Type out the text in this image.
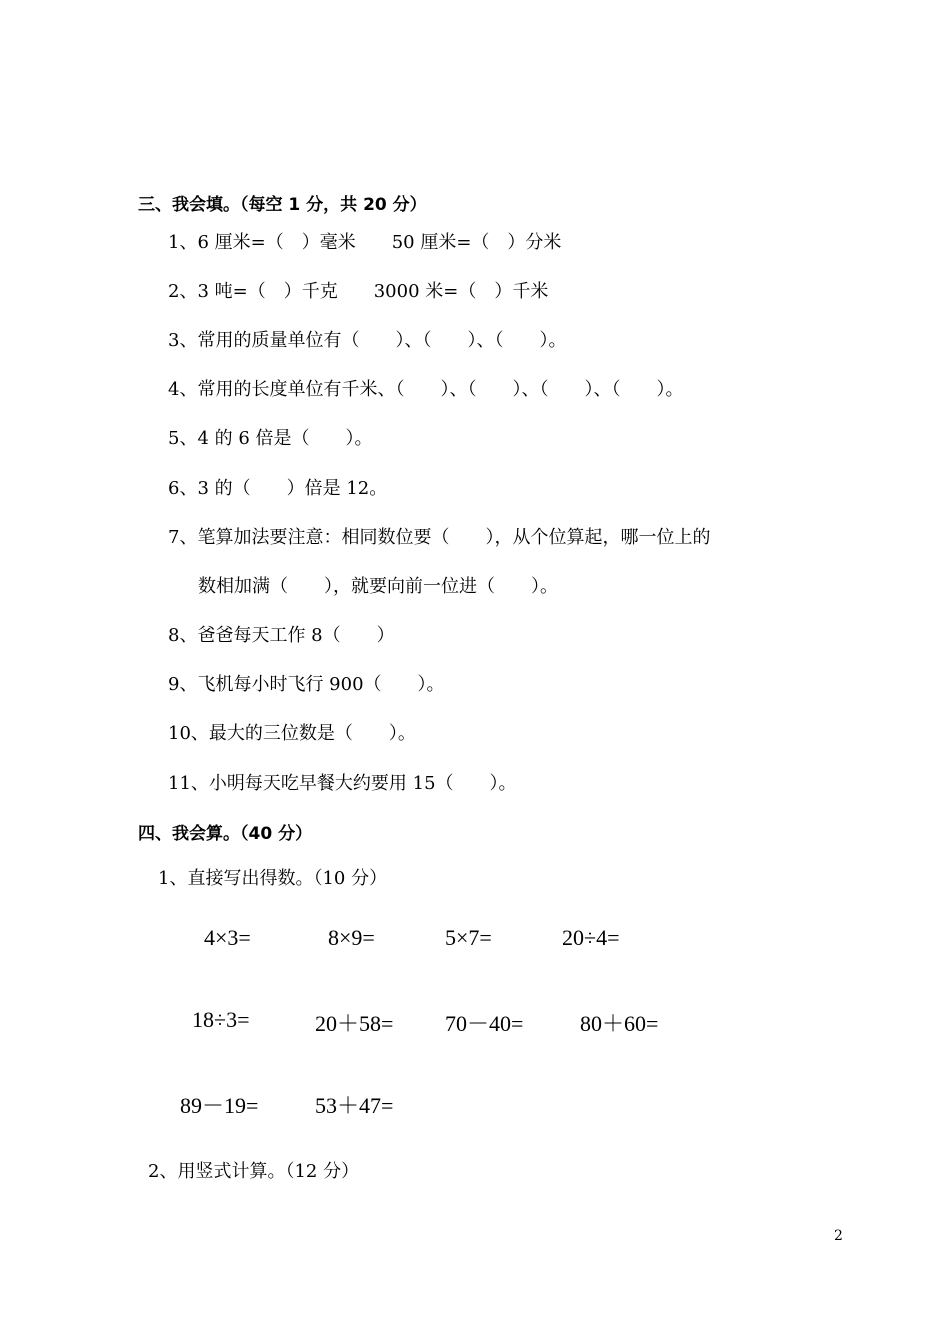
三、我会填。（每空 1 分，共 20 分）
1、6 厘米=（　）毫米　　50 厘米=（　）分米
2、3 吨=（　）千克　　3000 米=（　）千米
3、常用的质量单位有（　　）、（　　）、（　　）。
4、常用的长度单位有千米、（　　）、（　　）、（　　）、（　　）。
5、4 的 6 倍是（　　）。
6、3 的（　　）倍是 12。
7、笔算加法要注意：相同数位要（　　），从个位算起，哪一位上的
数相加满（　　），就要向前一位进（　　）。
8、爸爸每天工作 8（　　）
9、飞机每小时飞行 900（　　）。
10、最大的三位数是（　　）。
11、小明每天吃早餐大约要用 15（　　）。
四、我会算。（40 分）
1、直接写出得数。（10 分）
4×3=	8×9=	5×7=	20÷4=
18÷3=	20＋58= 70－40=	80＋60=
89－19=	53＋47=
2、用竖式计算。（12 分）
2
